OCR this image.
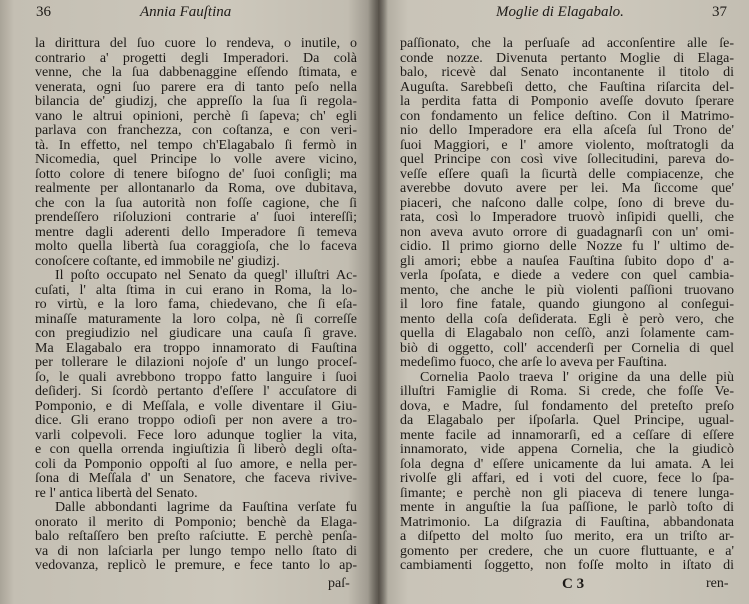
36	Annia Fauſtina
la dirittura del ſuo cuore lo rendeva, o inutile, o
contrario a' progetti degli Imperadori. Da colà
venne, che la ſua dabbenaggine eſſendo ſtimata, e
venerata, ogni ſuo parere era di tanto peſo nella
bilancia de' giudizj, che appreſſo la ſua ſi regola-
vano le altrui opinioni, perchè ſi ſapeva; ch' egli
parlava con franchezza, con coſtanza, e con veri-
tà. In effetto, nel tempo ch'Elagabalo ſi fermò in
Nicomedia, quel Principe lo volle avere vicino,
ſotto colore di tenere biſogno de' ſuoi conſigli; ma
realmente per allontanarlo da Roma, ove dubitava,
che con la ſua autorità non foſſe cagione, che ſi
prendeſſero riſoluzioni contrarie a' ſuoi intereſſi;
mentre dagli aderenti dello Imperadore ſi temeva
molto quella libertà ſua coraggioſa, che lo faceva
conoſcere coſtante, ed immobile ne' giudizj.
Il poſto occupato nel Senato da quegl' illuſtri Ac-
cuſati, l' alta ſtima in cui erano in Roma, la lo-
ro virtù, e la loro fama, chiedevano, che ſi eſa-
minaſſe maturamente la loro colpa, nè ſi correſſe
con pregiudizio nel giudicare una cauſa ſì grave.
Ma Elagabalo era troppo innamorato di Fauſtina
per tollerare le dilazioni nojoſe d' un lungo proceſ-
ſo, le quali avrebbono troppo fatto languire i ſuoi
deſiderj. Si ſcordò pertanto d'eſſere l' accuſatore di
Pomponio, e di Meſſala, e volle diventare il Giu-
dice. Gli erano troppo odioſi per non avere a tro-
varli colpevoli. Fece loro adunque toglier la vita,
e con quella orrenda ingiuſtizia ſi liberò degli oſta-
coli da Pomponio oppoſti al ſuo amore, e nella per-
ſona di Meſſala d' un Senatore, che faceva rivive-
re l' antica libertà del Senato.
Dalle abbondanti lagrime da Fauſtina verſate fu
onorato il merito di Pomponio; benchè da Elaga-
balo reſtaſſero ben preſto raſciutte. E perchè penſa-
va di non laſciarla per lungo tempo nello ſtato di
vedovanza, replicò le premure, e fece tanto lo ap-
paſ-
Moglie di Elagabalo.	37
paſſionato, che la perſuaſe ad acconſentire alle ſe-
conde nozze. Divenuta pertanto Moglie di Elaga-
balo, ricevè dal Senato incontanente il titolo di
Auguſta. Sarebbeſi detto, che Fauſtina riſarcita del-
la perdita fatta di Pomponio aveſſe dovuto ſperare
con fondamento un felice deſtino. Con il Matrimo-
nio dello Imperadore era ella aſceſa ſul Trono de'
ſuoi Maggiori, e l' amore violento, moſtratogli da
quel Principe con così vive ſollecitudini, pareva do-
veſſe eſſere quaſi la ſicurtà delle compiacenze, che
averebbe dovuto avere per lei. Ma ſiccome que'
piaceri, che naſcono dalle colpe, ſono di breve du-
rata, così lo Imperadore truovò inſipidi quelli, che
non aveva avuto orrore di guadagnarſi con un' omi-
cidio. Il primo giorno delle Nozze fu l' ultimo de-
gli amori; ebbe a nauſea Fauſtina ſubito dopo d' a-
verla ſpoſata, e diede a vedere con quel cambia-
mento, che anche le più violenti paſſioni truovano
il loro fine fatale, quando giungono al conſegui-
mento della coſa deſiderata. Egli è però vero, che
quella di Elagabalo non ceſſò, anzi ſolamente cam-
biò di oggetto, coll' accenderſi per Cornelia di quel
medeſimo fuoco, che arſe lo aveva per Fauſtina.
Cornelia Paolo traeva l' origine da una delle più
illuſtri Famiglie di Roma. Si crede, che foſſe Ve-
dova, e Madre, ſul fondamento del preteſto preſo
da Elagabalo per iſpoſarla. Quel Principe, ugual-
mente facile ad innamorarſi, ed a ceſſare di eſſere
innamorato, vide appena Cornelia, che la giudicò
ſola degna d' eſſere unicamente da lui amata. A lei
rivolſe gli affari, ed i voti del cuore, fece lo ſpa-
ſimante; e perchè non gli piaceva di tenere lunga-
mente in anguſtie la ſua paſſione, le parlò toſto di
Matrimonio. La diſgrazia di Fauſtina, abbandonata
a diſpetto del molto ſuo merito, era un triſto ar-
gomento per credere, che un cuore fluttuante, e a'
cambiamenti ſoggetto, non foſſe molto in iſtato di
C 3	ren-
